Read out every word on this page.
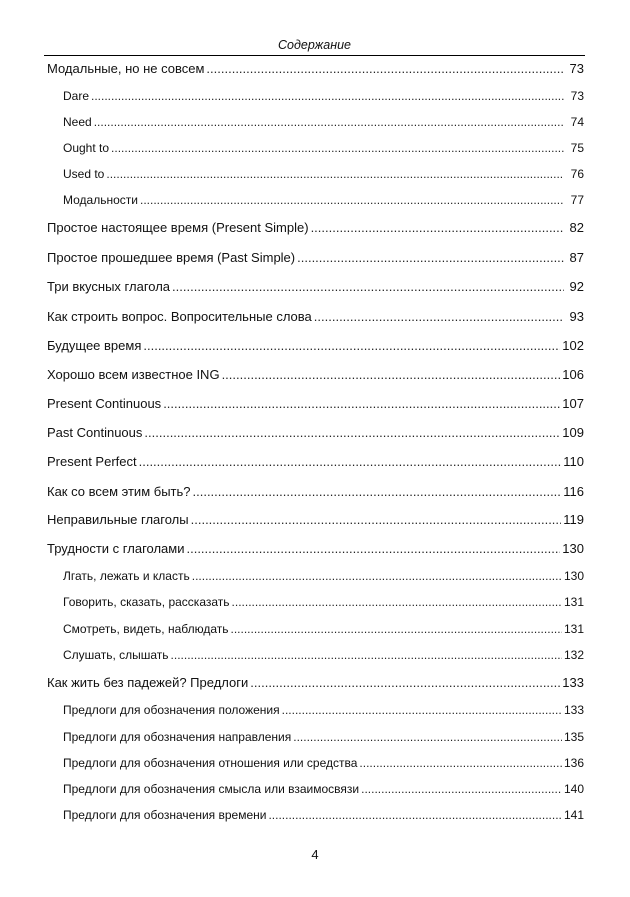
Содержание
Модальные, но не совсем .....	73
Dare .....	73
Need .....	74
Ought to .....	75
Used to .....	76
Модальности .....	77
Простое настоящее время (Present Simple) .....	82
Простое прошедшее время (Past Simple) .....	87
Три вкусных глагола .....	92
Как строить вопрос. Вопросительные слова .....	93
Будущее время .....	102
Хорошо всем известное ING .....	106
Present Continuous .....	107
Past Continuous .....	109
Present Perfect .....	110
Как со всем этим быть? .....	116
Неправильные глаголы .....	119
Трудности с глаголами .....	130
Лгать, лежать и класть .....	130
Говорить, сказать, рассказать .....	131
Смотреть, видеть, наблюдать .....	131
Слушать, слышать .....	132
Как жить без падежей? Предлоги .....	133
Предлоги для обозначения положения .....	133
Предлоги для обозначения направления .....	135
Предлоги для обозначения отношения или средства .....	136
Предлоги для обозначения смысла или взаимосвязи .....	140
Предлоги для обозначения времени .....	141
4
